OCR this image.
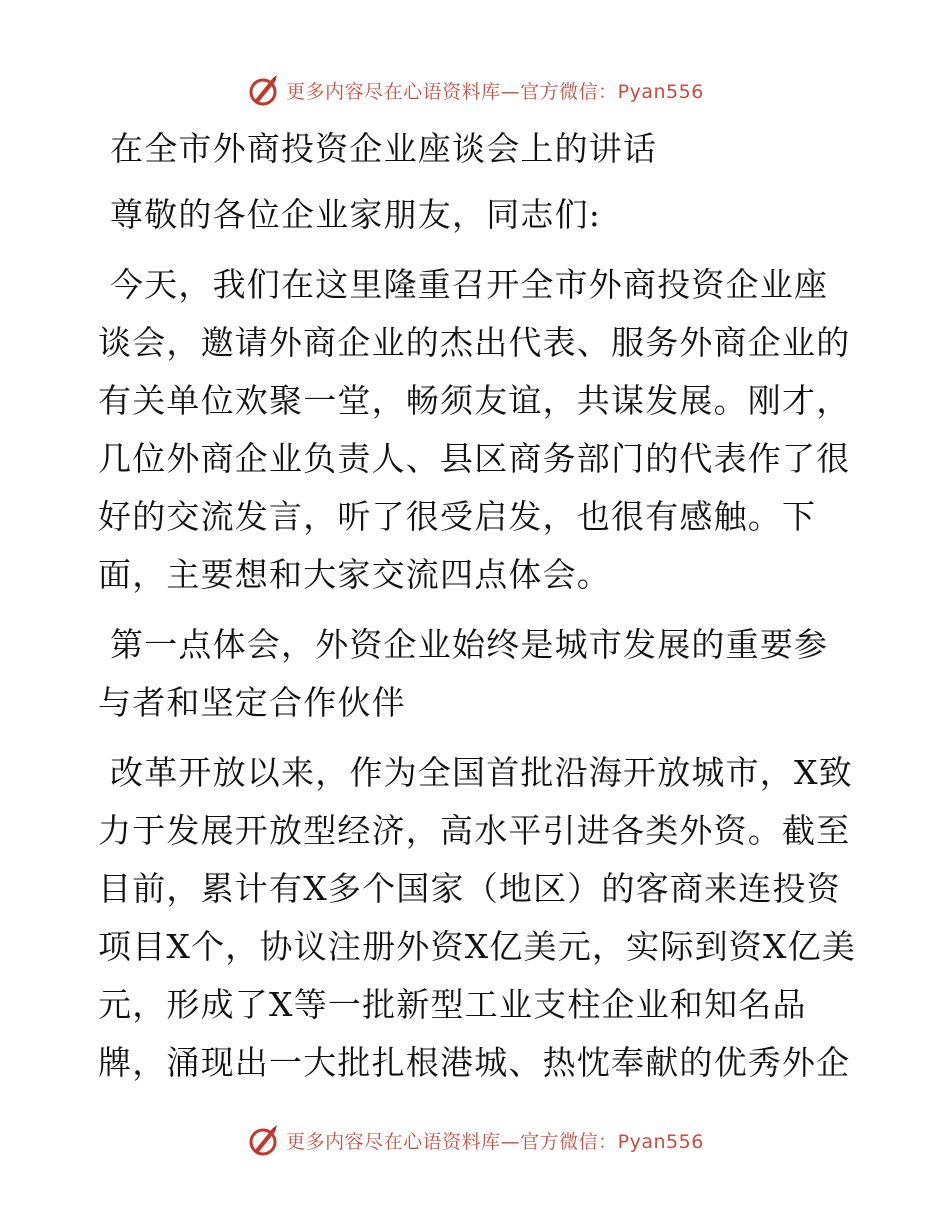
更多内容尽在心语资料库—官方微信：Pyan556

在全市外商投资企业座谈会上的讲话

尊敬的各位企业家朋友，同志们:

今天，我们在这里隆重召开全市外商投资企业座谈会，邀请外商企业的杰出代表、服务外商企业的有关单位欢聚一堂，畅须友谊，共谋发展。刚才，几位外商企业负责人、县区商务部门的代表作了很好的交流发言，听了很受启发，也很有感触。下面，主要想和大家交流四点体会。

第一点体会，外资企业始终是城市发展的重要参与者和坚定合作伙伴

改革开放以来，作为全国首批沿海开放城市，X致力于发展开放型经济，高水平引进各类外资。截至目前，累计有X多个国家（地区）的客商来连投资项目X个，协议注册外资X亿美元，实际到资X亿美元，形成了X等一批新型工业支柱企业和知名品牌，涌现出一大批扎根港城、热忱奉献的优秀外企

更多内容尽在心语资料库—官方微信：Pyan556
